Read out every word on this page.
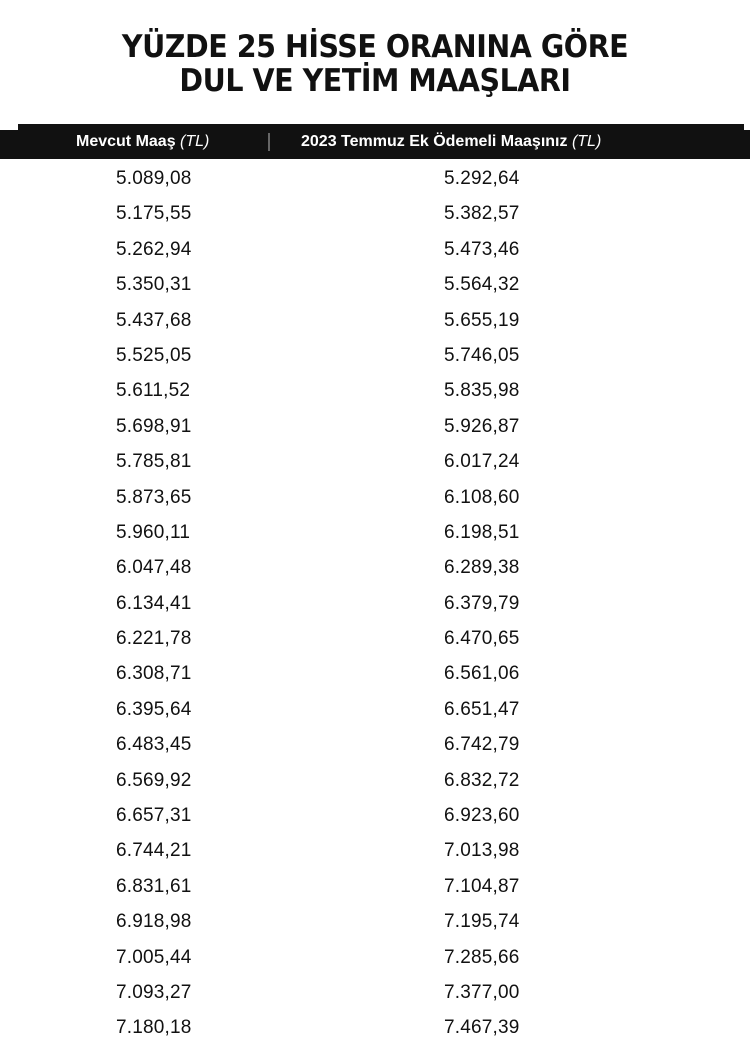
YÜZDE 25 HİSSE ORANINA GÖRE
DUL VE YETİM MAAŞLARI
Mevcut Maaş (TL)	2023 Temmuz Ek Ödemeli Maaşınız (TL)
5.089,08	5.292,64
5.175,55	5.382,57
5.262,94	5.473,46
5.350,31	5.564,32
5.437,68	5.655,19
5.525,05	5.746,05
5.611,52	5.835,98
5.698,91	5.926,87
5.785,81	6.017,24
5.873,65	6.108,60
5.960,11	6.198,51
6.047,48	6.289,38
6.134,41	6.379,79
6.221,78	6.470,65
6.308,71	6.561,06
6.395,64	6.651,47
6.483,45	6.742,79
6.569,92	6.832,72
6.657,31	6.923,60
6.744,21	7.013,98
6.831,61	7.104,87
6.918,98	7.195,74
7.005,44	7.285,66
7.093,27	7.377,00
7.180,18	7.467,39
